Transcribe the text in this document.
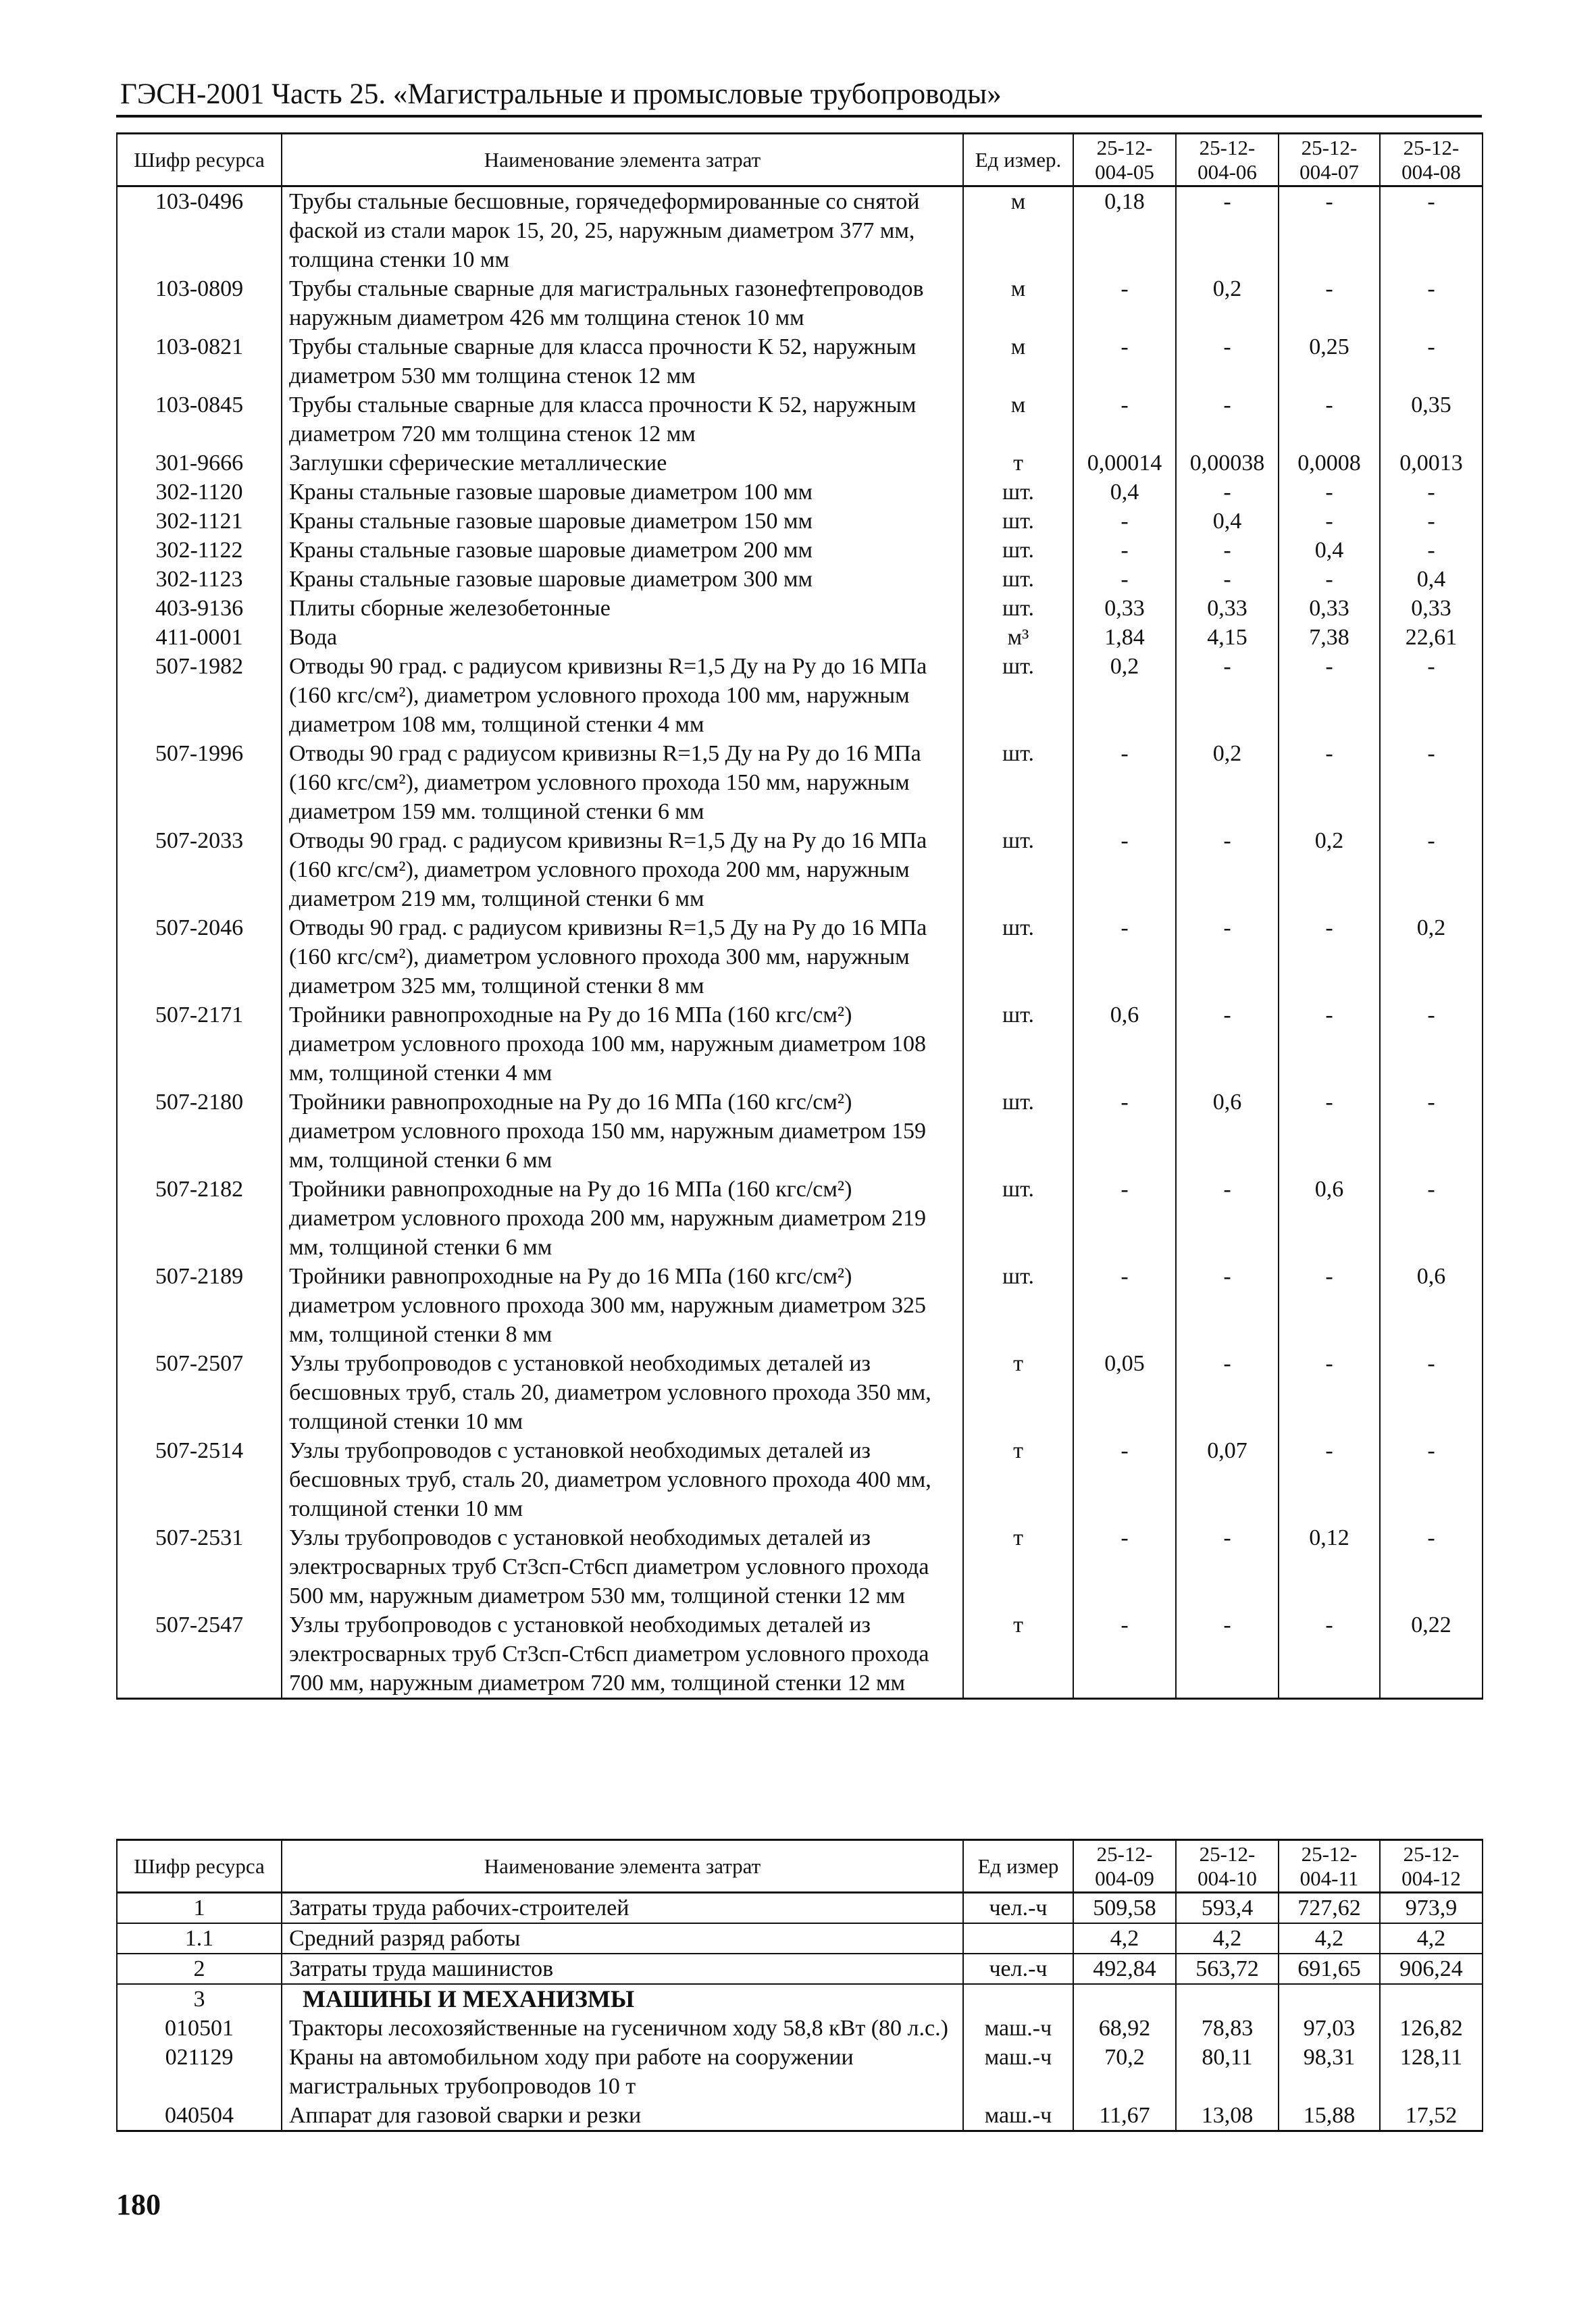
ГЭСН-2001 Часть 25. «Магистральные и промысловые трубопроводы»
Шифр ресурса	Наименование элемента затрат	Ед измер.	25-12-004-05	25-12-004-06	25-12-004-07	25-12-004-08
103-0496	Трубы стальные бесшовные, горячедеформированные со снятой фаской из стали марок 15, 20, 25, наружным диаметром 377 мм, толщина стенки 10 мм	м	0,18	-	-	-
103-0809	Трубы стальные сварные для магистральных газонефтепроводов наружным диаметром 426 мм толщина стенок 10 мм	м	-	0,2	-	-
103-0821	Трубы стальные сварные для класса прочности К 52, наружным диаметром 530 мм толщина стенок 12 мм	м	-	-	0,25	-
103-0845	Трубы стальные сварные для класса прочности К 52, наружным диаметром 720 мм толщина стенок 12 мм	м	-	-	-	0,35
301-9666	Заглушки сферические металлические	т	0,00014	0,00038	0,0008	0,0013
302-1120	Краны стальные газовые шаровые диаметром 100 мм	шт.	0,4	-	-	-
302-1121	Краны стальные газовые шаровые диаметром 150 мм	шт.	-	0,4	-	-
302-1122	Краны стальные газовые шаровые диаметром 200 мм	шт.	-	-	0,4	-
302-1123	Краны стальные газовые шаровые диаметром 300 мм	шт.	-	-	-	0,4
403-9136	Плиты сборные железобетонные	шт.	0,33	0,33	0,33	0,33
411-0001	Вода	м³	1,84	4,15	7,38	22,61
507-1982	Отводы 90 град. с радиусом кривизны R=1,5 Ду на Ру до 16 МПа (160 кгс/см²), диаметром условного прохода 100 мм, наружным диаметром 108 мм, толщиной стенки 4 мм	шт.	0,2	-	-	-
507-1996	Отводы 90 град с радиусом кривизны R=1,5 Ду на Ру до 16 МПа (160 кгс/см²), диаметром условного прохода 150 мм, наружным диаметром 159 мм. толщиной стенки 6 мм	шт.	-	0,2	-	-
507-2033	Отводы 90 град. с радиусом кривизны R=1,5 Ду на Ру до 16 МПа (160 кгс/см²), диаметром условного прохода 200 мм, наружным диаметром 219 мм, толщиной стенки 6 мм	шт.	-	-	0,2	-
507-2046	Отводы 90 град. с радиусом кривизны R=1,5 Ду на Ру до 16 МПа (160 кгс/см²), диаметром условного прохода 300 мм, наружным диаметром 325 мм, толщиной стенки 8 мм	шт.	-	-	-	0,2
507-2171	Тройники равнопроходные на Ру до 16 МПа (160 кгс/см²) диаметром условного прохода 100 мм, наружным диаметром 108 мм, толщиной стенки 4 мм	шт.	0,6	-	-	-
507-2180	Тройники равнопроходные на Ру до 16 МПа (160 кгс/см²) диаметром условного прохода 150 мм, наружным диаметром 159 мм, толщиной стенки 6 мм	шт.	-	0,6	-	-
507-2182	Тройники равнопроходные на Ру до 16 МПа (160 кгс/см²) диаметром условного прохода 200 мм, наружным диаметром 219 мм, толщиной стенки 6 мм	шт.	-	-	0,6	-
507-2189	Тройники равнопроходные на Ру до 16 МПа (160 кгс/см²) диаметром условного прохода 300 мм, наружным диаметром 325 мм, толщиной стенки 8 мм	шт.	-	-	-	0,6
507-2507	Узлы трубопроводов с установкой необходимых деталей из бесшовных труб, сталь 20, диаметром условного прохода 350 мм, толщиной стенки 10 мм	т	0,05	-	-	-
507-2514	Узлы трубопроводов с установкой необходимых деталей из бесшовных труб, сталь 20, диаметром условного прохода 400 мм, толщиной стенки 10 мм	т	-	0,07	-	-
507-2531	Узлы трубопроводов с установкой необходимых деталей из электросварных труб Ст3сп-Ст6сп диаметром условного прохода 500 мм, наружным диаметром 530 мм, толщиной стенки 12 мм	т	-	-	0,12	-
507-2547	Узлы трубопроводов с установкой необходимых деталей из электросварных труб Ст3сп-Ст6сп диаметром условного прохода 700 мм, наружным диаметром 720 мм, толщиной стенки 12 мм	т	-	-	-	0,22
Шифр ресурса	Наименование элемента затрат	Ед измер	25-12-004-09	25-12-004-10	25-12-004-11	25-12-004-12
1	Затраты труда рабочих-строителей	чел.-ч	509,58	593,4	727,62	973,9
1.1	Средний разряд работы		4,2	4,2	4,2	4,2
2	Затраты труда машинистов	чел.-ч	492,84	563,72	691,65	906,24
3	МАШИНЫ И МЕХАНИЗМЫ					
010501	Тракторы лесохозяйственные на гусеничном ходу 58,8 кВт (80 л.с.)	маш.-ч	68,92	78,83	97,03	126,82
021129	Краны на автомобильном ходу при работе на сооружении магистральных трубопроводов 10 т	маш.-ч	70,2	80,11	98,31	128,11
040504	Аппарат для газовой сварки и резки	маш.-ч	11,67	13,08	15,88	17,52
180
